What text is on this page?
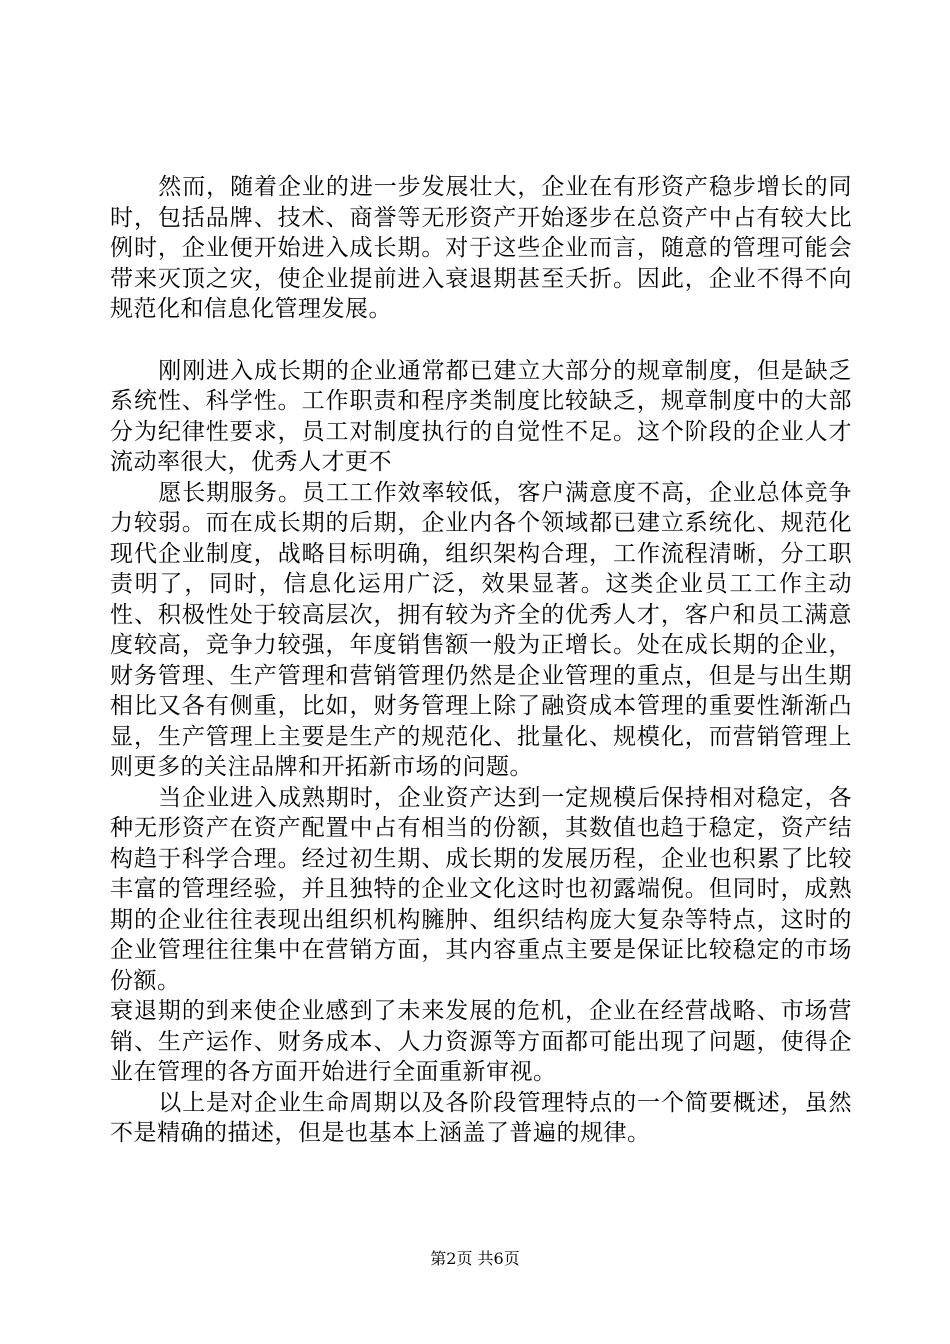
然而，随着企业的进一步发展壮大，企业在有形资产稳步增长的同时，包括品牌、技术、商誉等无形资产开始逐步在总资产中占有较大比例时，企业便开始进入成长期。对于这些企业而言，随意的管理可能会带来灭顶之灾，使企业提前进入衰退期甚至夭折。因此，企业不得不向规范化和信息化管理发展。

刚刚进入成长期的企业通常都已建立大部分的规章制度，但是缺乏系统性、科学性。工作职责和程序类制度比较缺乏，规章制度中的大部分为纪律性要求，员工对制度执行的自觉性不足。这个阶段的企业人才流动率很大，优秀人才更不

愿长期服务。员工工作效率较低，客户满意度不高，企业总体竞争力较弱。而在成长期的后期，企业内各个领域都已建立系统化、规范化现代企业制度，战略目标明确，组织架构合理，工作流程清晰，分工职责明了，同时，信息化运用广泛，效果显著。这类企业员工工作主动性、积极性处于较高层次，拥有较为齐全的优秀人才，客户和员工满意度较高，竞争力较强，年度销售额一般为正增长。处在成长期的企业，财务管理、生产管理和营销管理仍然是企业管理的重点，但是与出生期相比又各有侧重，比如，财务管理上除了融资成本管理的重要性渐渐凸显，生产管理上主要是生产的规范化、批量化、规模化，而营销管理上则更多的关注品牌和开拓新市场的问题。

当企业进入成熟期时，企业资产达到一定规模后保持相对稳定，各种无形资产在资产配置中占有相当的份额，其数值也趋于稳定，资产结构趋于科学合理。经过初生期、成长期的发展历程，企业也积累了比较丰富的管理经验，并且独特的企业文化这时也初露端倪。但同时，成熟期的企业往往表现出组织机构臃肿、组织结构庞大复杂等特点，这时的企业管理往往集中在营销方面，其内容重点主要是保证比较稳定的市场份额。

衰退期的到来使企业感到了未来发展的危机，企业在经营战略、市场营销、生产运作、财务成本、人力资源等方面都可能出现了问题，使得企业在管理的各方面开始进行全面重新审视。

以上是对企业生命周期以及各阶段管理特点的一个简要概述，虽然不是精确的描述，但是也基本上涵盖了普遍的规律。

第2页 共6页
